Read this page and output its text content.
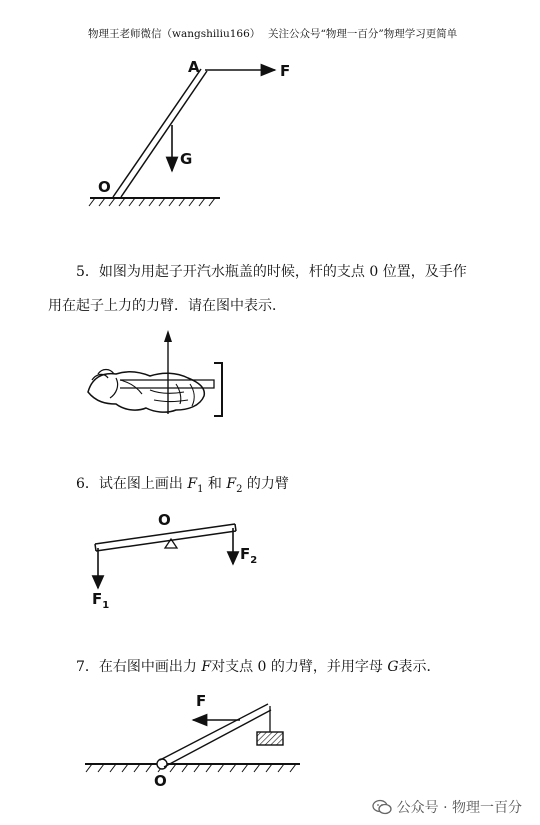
物理王老师微信（wangshiliu166） 关注公众号“物理一百分”物理学习更简单
A	F
G
O
5．如图为用起子开汽水瓶盖的时候，杆的支点 0 位置，及手作
用在起子上力的力臂．请在图中表示．
6．试在图上画出 $F_1$ 和 $F_2$ 的力臂
O
$F_1$
$F_2$
7．在右图中画出力 F对支点 0 的力臂，并用字母 G表示．
F
O
公众号 · 物理一百分
